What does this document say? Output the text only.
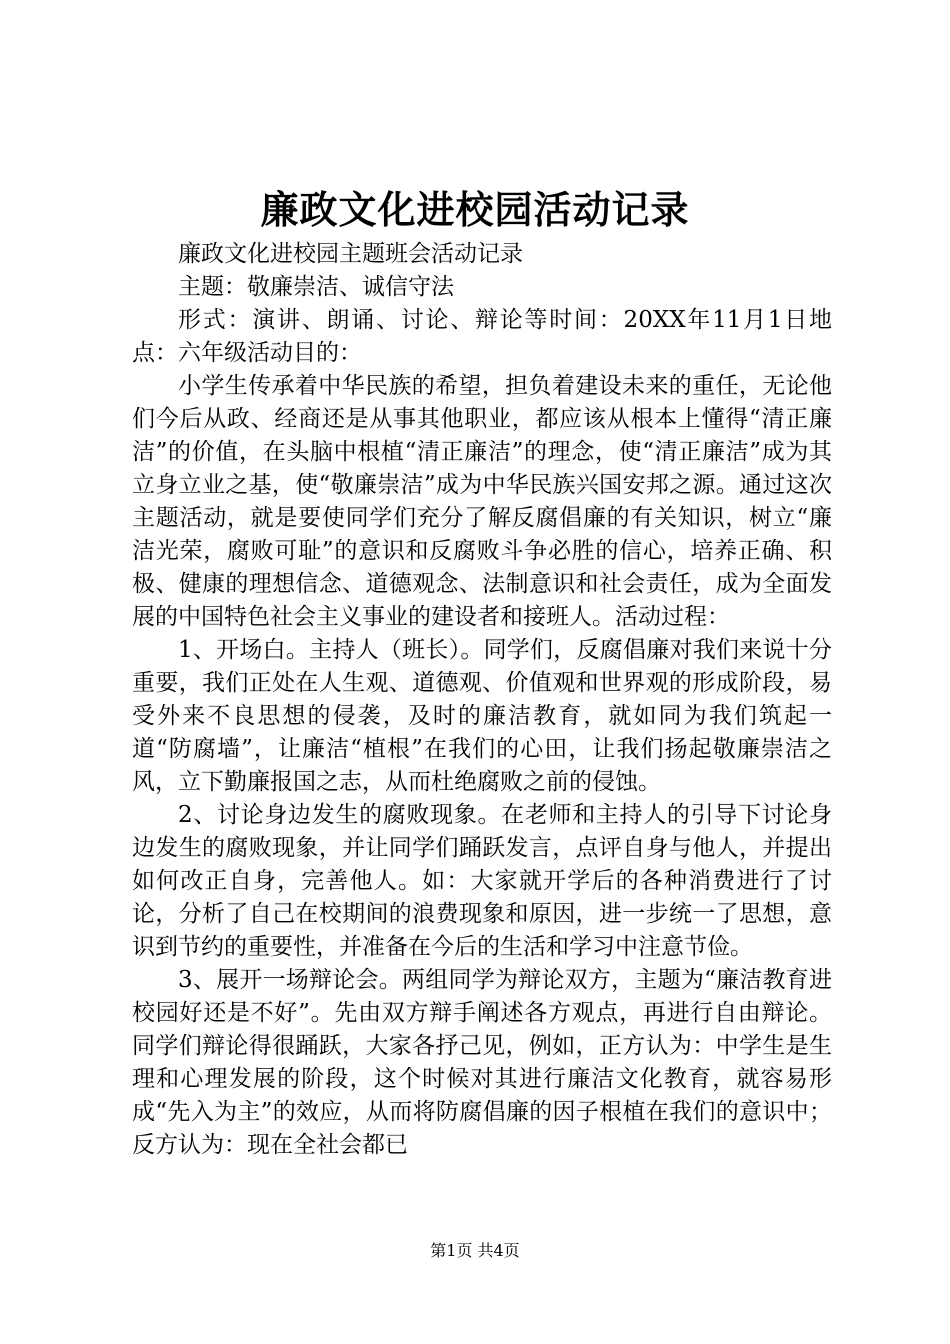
廉政文化进校园活动记录

廉政文化进校园主题班会活动记录

主题：敬廉崇洁、诚信守法

形式：演讲、朗诵、讨论、辩论等时间：20XX年11月1日地点：六年级活动目的：

小学生传承着中华民族的希望，担负着建设未来的重任，无论他们今后从政、经商还是从事其他职业，都应该从根本上懂得“清正廉洁”的价值，在头脑中根植“清正廉洁”的理念，使“清正廉洁”成为其立身立业之基，使“敬廉崇洁”成为中华民族兴国安邦之源。通过这次主题活动，就是要使同学们充分了解反腐倡廉的有关知识，树立“廉洁光荣，腐败可耻”的意识和反腐败斗争必胜的信心，培养正确、积极、健康的理想信念、道德观念、法制意识和社会责任，成为全面发展的中国特色社会主义事业的建设者和接班人。活动过程：

1、开场白。主持人（班长）。同学们，反腐倡廉对我们来说十分重要，我们正处在人生观、道德观、价值观和世界观的形成阶段，易受外来不良思想的侵袭，及时的廉洁教育，就如同为我们筑起一道“防腐墙”，让廉洁“植根”在我们的心田，让我们扬起敬廉崇洁之风，立下勤廉报国之志，从而杜绝腐败之前的侵蚀。

2、讨论身边发生的腐败现象。在老师和主持人的引导下讨论身边发生的腐败现象，并让同学们踊跃发言，点评自身与他人，并提出如何改正自身，完善他人。如：大家就开学后的各种消费进行了讨论，分析了自己在校期间的浪费现象和原因，进一步统一了思想，意识到节约的重要性，并准备在今后的生活和学习中注意节俭。

3、展开一场辩论会。两组同学为辩论双方，主题为“廉洁教育进校园好还是不好”。先由双方辩手阐述各方观点，再进行自由辩论。同学们辩论得很踊跃，大家各抒己见，例如，正方认为：中学生是生理和心理发展的阶段，这个时候对其进行廉洁文化教育，就容易形成“先入为主”的效应，从而将防腐倡廉的因子根植在我们的意识中；反方认为：现在全社会都已

第1页 共4页
